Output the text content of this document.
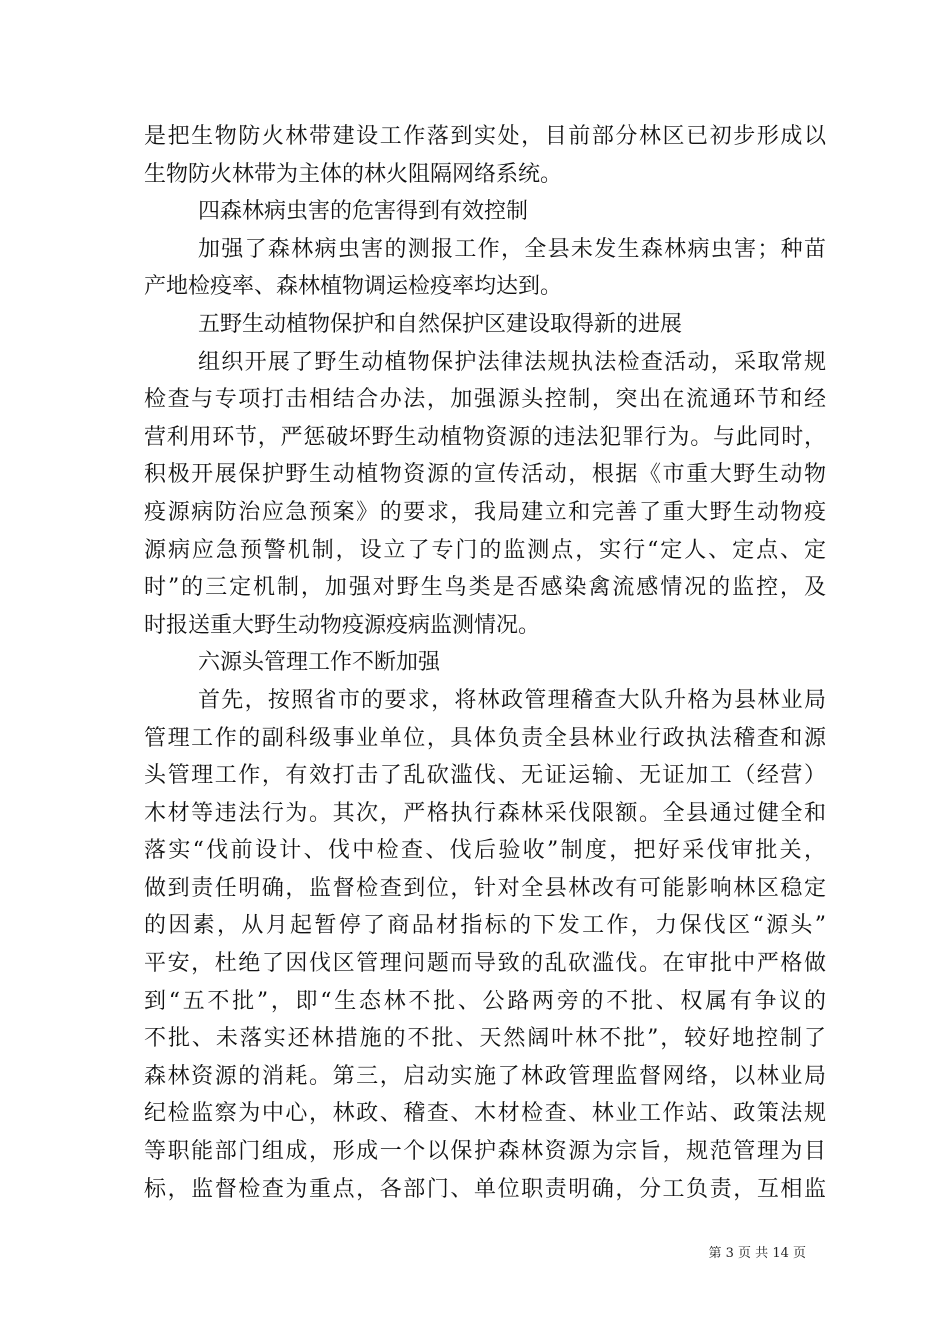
是把生物防火林带建设工作落到实处，目前部分林区已初步形成以
生物防火林带为主体的林火阻隔网络系统。
四森林病虫害的危害得到有效控制
加强了森林病虫害的测报工作，全县未发生森林病虫害；种苗
产地检疫率、森林植物调运检疫率均达到。
五野生动植物保护和自然保护区建设取得新的进展
组织开展了野生动植物保护法律法规执法检查活动，采取常规
检查与专项打击相结合办法，加强源头控制，突出在流通环节和经
营利用环节，严惩破坏野生动植物资源的违法犯罪行为。与此同时，
积极开展保护野生动植物资源的宣传活动，根据《市重大野生动物
疫源病防治应急预案》的要求，我局建立和完善了重大野生动物疫
源病应急预警机制，设立了专门的监测点，实行“定人、定点、定
时”的三定机制，加强对野生鸟类是否感染禽流感情况的监控，及
时报送重大野生动物疫源疫病监测情况。
六源头管理工作不断加强
首先，按照省市的要求，将林政管理稽查大队升格为县林业局
管理工作的副科级事业单位，具体负责全县林业行政执法稽查和源
头管理工作，有效打击了乱砍滥伐、无证运输、无证加工（经营）
木材等违法行为。其次，严格执行森林采伐限额。全县通过健全和
落实“伐前设计、伐中检查、伐后验收”制度，把好采伐审批关，
做到责任明确，监督检查到位，针对全县林改有可能影响林区稳定
的因素，从月起暂停了商品材指标的下发工作，力保伐区“源头”
平安，杜绝了因伐区管理问题而导致的乱砍滥伐。在审批中严格做
到“五不批”，即“生态林不批、公路两旁的不批、权属有争议的
不批、未落实还林措施的不批、天然阔叶林不批”，较好地控制了
森林资源的消耗。第三，启动实施了林政管理监督网络，以林业局
纪检监察为中心，林政、稽查、木材检查、林业工作站、政策法规
等职能部门组成，形成一个以保护森林资源为宗旨，规范管理为目
标，监督检查为重点，各部门、单位职责明确，分工负责，互相监
第 3 页 共 14 页
